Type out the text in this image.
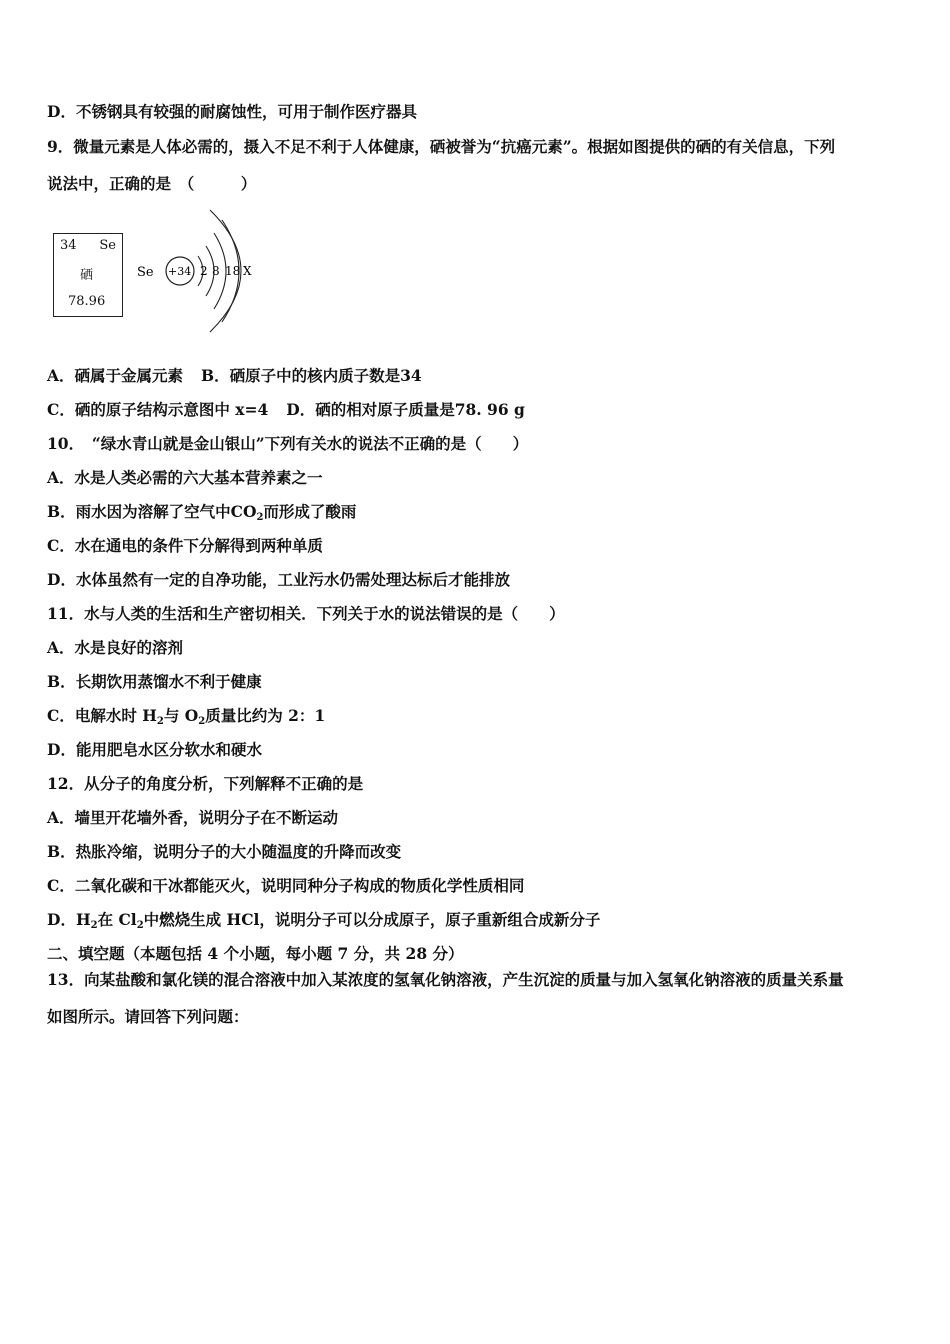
D．不锈钢具有较强的耐腐蚀性，可用于制作医疗器具
9．微量元素是人体必需的，摄入不足不利于人体健康，硒被誉为“抗癌元素”。根据如图提供的硒的有关信息，下列
说法中，正确的是　（　　　）
34 Se
硒
78.96
Se +34 2 8 18 X
A．硒属于金属元素 B．硒原子中的核内质子数是34
C．硒的原子结构示意图中 x=4 D．硒的相对原子质量是78. 96 g
10．　“绿水青山就是金山银山”下列有关水的说法不正确的是（　　）
A．水是人类必需的六大基本营养素之一
B．雨水因为溶解了空气中$CO_2$而形成了酸雨
C．水在通电的条件下分解得到两种单质
D．水体虽然有一定的自净功能，工业污水仍需处理达标后才能排放
11．水与人类的生活和生产密切相关．下列关于水的说法错误的是（　　）
A．水是良好的溶剂
B．长期饮用蒸馏水不利于健康
C．电解水时 $H_2$与 $O_2$质量比约为 2：1
D．能用肥皂水区分软水和硬水
12．从分子的角度分析，下列解释不正确的是
A．墙里开花墙外香，说明分子在不断运动
B．热胀冷缩，说明分子的大小随温度的升降而改变
C．二氧化碳和干冰都能灭火，说明同种分子构成的物质化学性质相同
D．$H_2$在 $Cl_2$中燃烧生成 HCl，说明分子可以分成原子，原子重新组合成新分子
二、填空题（本题包括 4 个小题，每小题 7 分，共 28 分）
13．向某盐酸和氯化镁的混合溶液中加入某浓度的氢氧化钠溶液，产生沉淀的质量与加入氢氧化钠溶液的质量关系量
如图所示。请回答下列问题：
